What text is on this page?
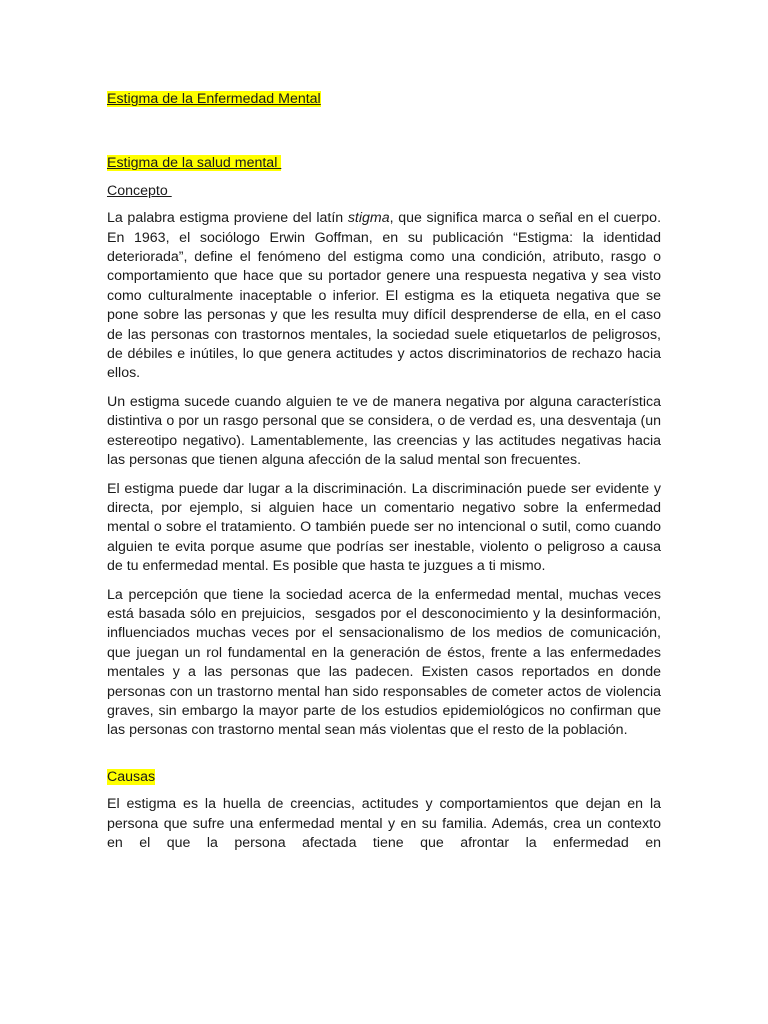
Estigma de la Enfermedad Mental
Estigma de la salud mental
Concepto

La palabra estigma proviene del latín stigma, que significa marca o señal en el cuerpo. En 1963, el sociólogo Erwin Goffman, en su publicación “Estigma: la identidad deteriorada”, define el fenómeno del estigma como una condición, atributo, rasgo o comportamiento que hace que su portador genere una respuesta negativa y sea visto como culturalmente inaceptable o inferior. El estigma es la etiqueta negativa que se pone sobre las personas y que les resulta muy difícil desprenderse de ella, en el caso de las personas con trastornos mentales, la sociedad suele etiquetarlos de peligrosos, de débiles e inútiles, lo que genera actitudes y actos discriminatorios de rechazo hacia ellos.

Un estigma sucede cuando alguien te ve de manera negativa por alguna característica distintiva o por un rasgo personal que se considera, o de verdad es, una desventaja (un estereotipo negativo). Lamentablemente, las creencias y las actitudes negativas hacia las personas que tienen alguna afección de la salud mental son frecuentes.

El estigma puede dar lugar a la discriminación. La discriminación puede ser evidente y directa, por ejemplo, si alguien hace un comentario negativo sobre la enfermedad mental o sobre el tratamiento. O también puede ser no intencional o sutil, como cuando alguien te evita porque asume que podrías ser inestable, violento o peligroso a causa de tu enfermedad mental. Es posible que hasta te juzgues a ti mismo.

La percepción que tiene la sociedad acerca de la enfermedad mental, muchas veces está basada sólo en prejuicios,  sesgados por el desconocimiento y la desinformación, influenciados muchas veces por el sensacionalismo de los medios de comunicación, que juegan un rol fundamental en la generación de éstos, frente a las enfermedades mentales y a las personas que las padecen. Existen casos reportados en donde personas con un trastorno mental han sido responsables de cometer actos de violencia graves, sin embargo la mayor parte de los estudios epidemiológicos no confirman que las personas con trastorno mental sean más violentas que el resto de la población.

Causas

El estigma es la huella de creencias, actitudes y comportamientos que dejan en la persona que sufre una enfermedad mental y en su familia. Además, crea un contexto en el que la persona afectada tiene que afrontar la enfermedad en
